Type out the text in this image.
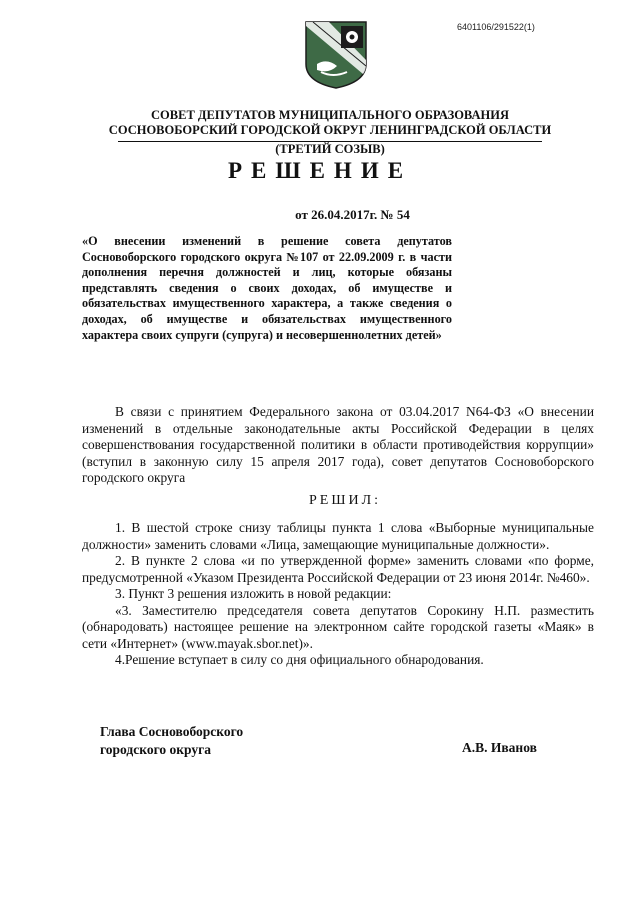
6401106/291522(1)
СОВЕТ ДЕПУТАТОВ МУНИЦИПАЛЬНОГО ОБРАЗОВАНИЯ
СОСНОВОБОРСКИЙ ГОРОДСКОЙ ОКРУГ ЛЕНИНГРАДСКОЙ ОБЛАСТИ
(ТРЕТИЙ СОЗЫВ)
РЕШЕНИЕ
от 26.04.2017г. № 54
«О внесении изменений в решение совета депутатов Сосновоборского городского округа №107 от 22.09.2009 г. в части дополнения перечня должностей и лиц, которые обязаны представлять сведения о своих доходах, об имуществе и обязательствах имущественного характера, а также сведения о доходах, об имуществе и обязательствах имущественного характера своих супруги (супруга) и несовершеннолетних детей»

В связи с принятием Федерального закона от 03.04.2017 N64-ФЗ «О внесении изменений в отдельные законодательные акты Российской Федерации в целях совершенствования государственной политики в области противодействия коррупции» (вступил в законную силу 15 апреля 2017 года), совет депутатов Сосновоборского городского округа

РЕШИЛ:

1. В шестой строке снизу таблицы пункта 1 слова «Выборные муниципальные должности» заменить словами «Лица, замещающие муниципальные должности».

2. В пункте 2 слова «и по утвержденной форме» заменить словами «по форме, предусмотренной «Указом Президента Российской Федерации от 23 июня 2014г. №460».

3. Пункт 3 решения изложить в новой редакции:

«3. Заместителю председателя совета депутатов Сорокину Н.П. разместить (обнародовать) настоящее решение на электронном сайте городской газеты «Маяк» в сети «Интернет» (www.mayak.sbor.net)».

4.Решение вступает в силу со дня официального обнародования.

Глава Сосновоборского
городского округа	А.В. Иванов
